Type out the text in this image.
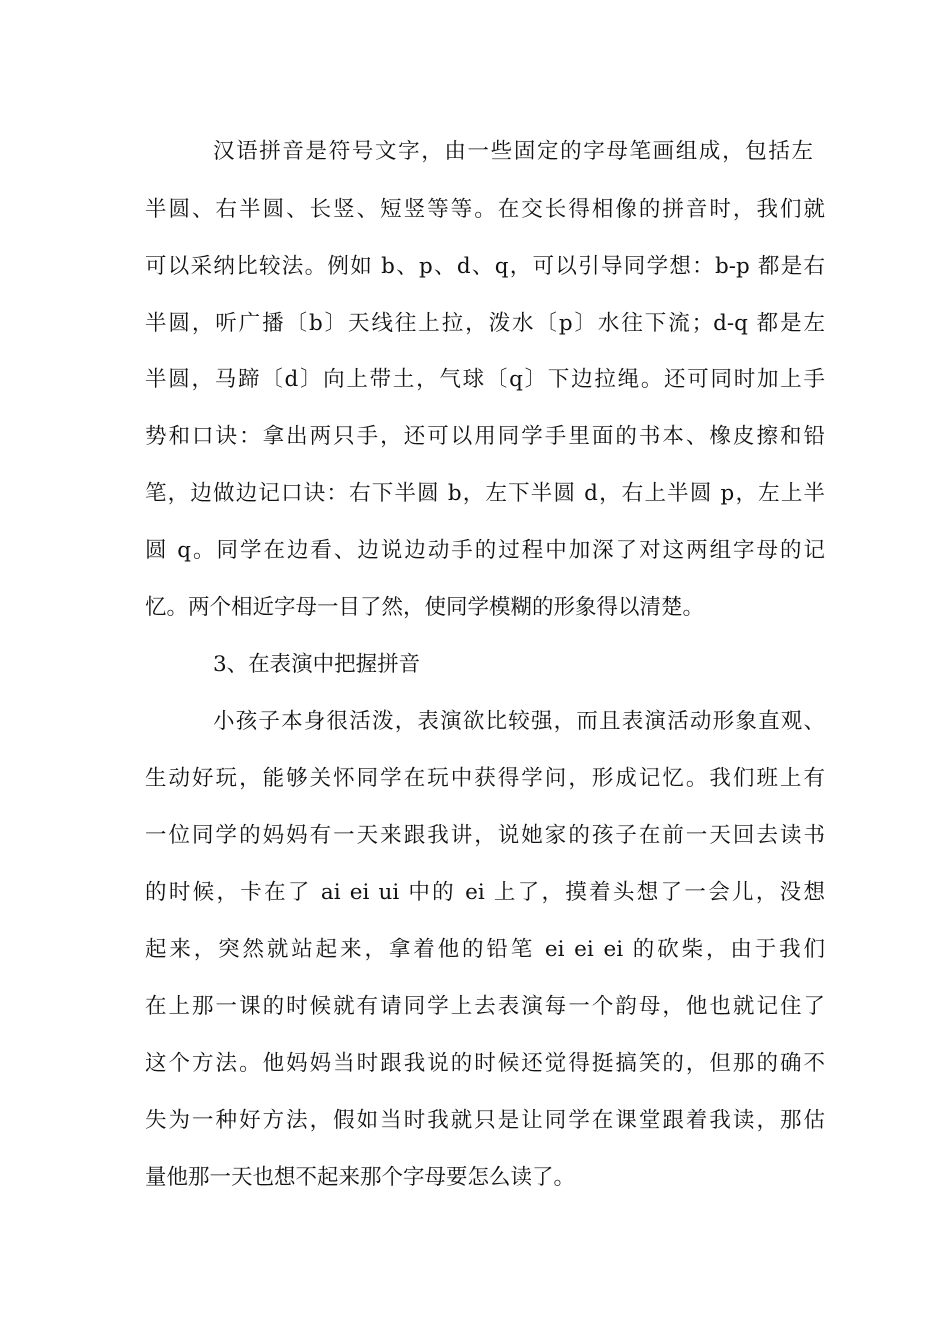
汉语拼音是符号文字，由一些固定的字母笔画组成，包括左
半圆、右半圆、长竖、短竖等等。在交长得相像的拼音时，我们就
可以采纳比较法。例如 b、p、d、q，可以引导同学想：b-p 都是右
半圆，听广播〔b〕天线往上拉，泼水〔p〕水往下流；d-q 都是左
半圆，马蹄〔d〕向上带土，气球〔q〕下边拉绳。还可同时加上手
势和口诀：拿出两只手，还可以用同学手里面的书本、橡皮擦和铅
笔，边做边记口诀：右下半圆 b，左下半圆 d，右上半圆 p，左上半
圆 q。同学在边看、边说边动手的过程中加深了对这两组字母的记
忆。两个相近字母一目了然，使同学模糊的形象得以清楚。
3、在表演中把握拼音
小孩子本身很活泼，表演欲比较强，而且表演活动形象直观、
生动好玩，能够关怀同学在玩中获得学问，形成记忆。我们班上有
一位同学的妈妈有一天来跟我讲，说她家的孩子在前一天回去读书
的时候，卡在了 ai ei ui 中的 ei 上了，摸着头想了一会儿，没想
起来，突然就站起来，拿着他的铅笔 ei ei ei 的砍柴，由于我们
在上那一课的时候就有请同学上去表演每一个韵母，他也就记住了
这个方法。他妈妈当时跟我说的时候还觉得挺搞笑的，但那的确不
失为一种好方法，假如当时我就只是让同学在课堂跟着我读，那估
量他那一天也想不起来那个字母要怎么读了。
